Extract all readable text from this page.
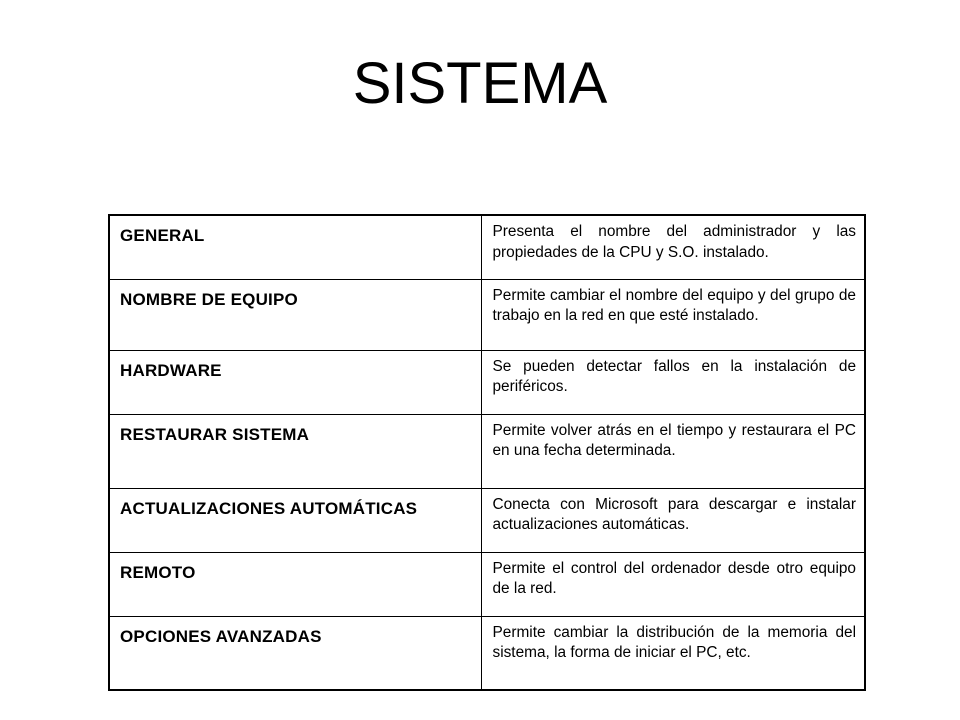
SISTEMA
GENERAL	Presenta el nombre del administrador y las propiedades de la CPU y S.O. instalado.
NOMBRE DE EQUIPO	Permite cambiar el nombre del equipo y del grupo de trabajo en la red en que esté instalado.
HARDWARE	Se pueden detectar fallos en la instalación de periféricos.
RESTAURAR SISTEMA	Permite volver atrás en el tiempo y restaurara el PC en una fecha determinada.
ACTUALIZACIONES AUTOMÁTICAS	Conecta con Microsoft para descargar e instalar actualizaciones automáticas.
REMOTO	Permite el control del ordenador desde otro equipo de la red.
OPCIONES AVANZADAS	Permite cambiar la distribución de la memoria del sistema, la forma de iniciar el PC, etc.
